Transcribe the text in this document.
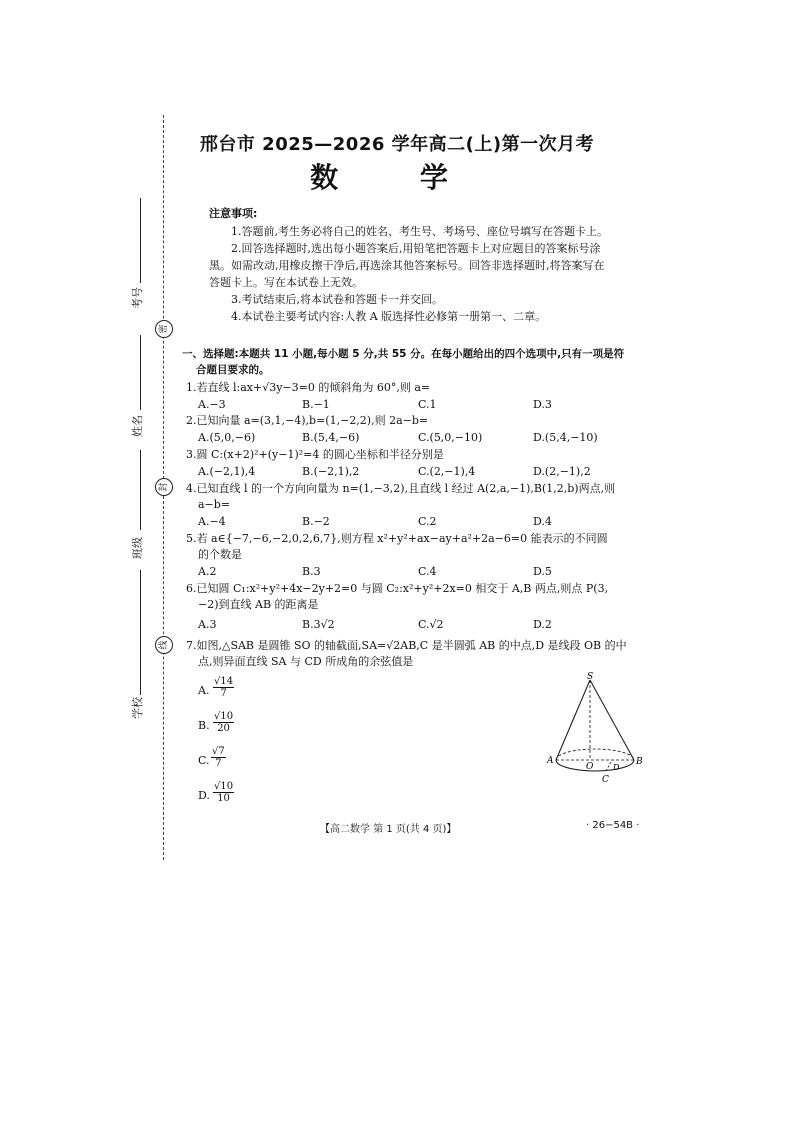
考号
密
姓名
封
班级
线
学校
邢台市 2025—2026 学年高二(上)第一次月考
数 学
注意事项:
1.答题前,考生务必将自己的姓名、考生号、考场号、座位号填写在答题卡上。
2.回答选择题时,选出每小题答案后,用铅笔把答题卡上对应题目的答案标号涂
黑。如需改动,用橡皮擦干净后,再选涂其他答案标号。回答非选择题时,将答案写在
答题卡上。写在本试卷上无效。
3.考试结束后,将本试卷和答题卡一并交回。
4.本试卷主要考试内容:人教 A 版选择性必修第一册第一、二章。
一、选择题:本题共 11 小题,每小题 5 分,共 55 分。在每小题给出的四个选项中,只有一项是符
合题目要求的。
1.若直线 l:ax+√3y−3=0 的倾斜角为 60°,则 a=
A.−3	B.−1	C.1	D.3
2.已知向量 a=(3,1,−4),b=(1,−2,2),则 2a−b=
A.(5,0,−6)	B.(5,4,−6)	C.(5,0,−10)	D.(5,4,−10)
3.圆 C:(x+2)²+(y−1)²=4 的圆心坐标和半径分别是
A.(−2,1),4	B.(−2,1),2	C.(2,−1),4	D.(2,−1),2
4.已知直线 l 的一个方向向量为 n=(1,−3,2),且直线 l 经过 A(2,a,−1),B(1,2,b)两点,则
a−b=
A.−4	B.−2	C.2	D.4
5.若 a∈{−7,−6,−2,0,2,6,7},则方程 x²+y²+ax−ay+a²+2a−6=0 能表示的不同圆
的个数是
A.2	B.3	C.4	D.5
6.已知圆 C₁:x²+y²+4x−2y+2=0 与圆 C₂:x²+y²+2x=0 相交于 A,B 两点,则点 P(3,
−2)到直线 AB 的距离是
A.3	B.3√2	C.√2	D.2
7.如图,△SAB 是圆锥 SO 的轴截面,SA=√2AB,C 是半圆弧 AB 的中点,D 是线段 OB 的中
点,则异面直线 SA 与 CD 所成角的余弦值是
A. $\frac{√14}{7}$
B. $\frac{√10}{20}$
C. $\frac{√7}{7}$
D. $\frac{√10}{10}$
S
A
O D
B
C
【高二数学 第 1 页(共 4 页)】	· 26−54B ·
